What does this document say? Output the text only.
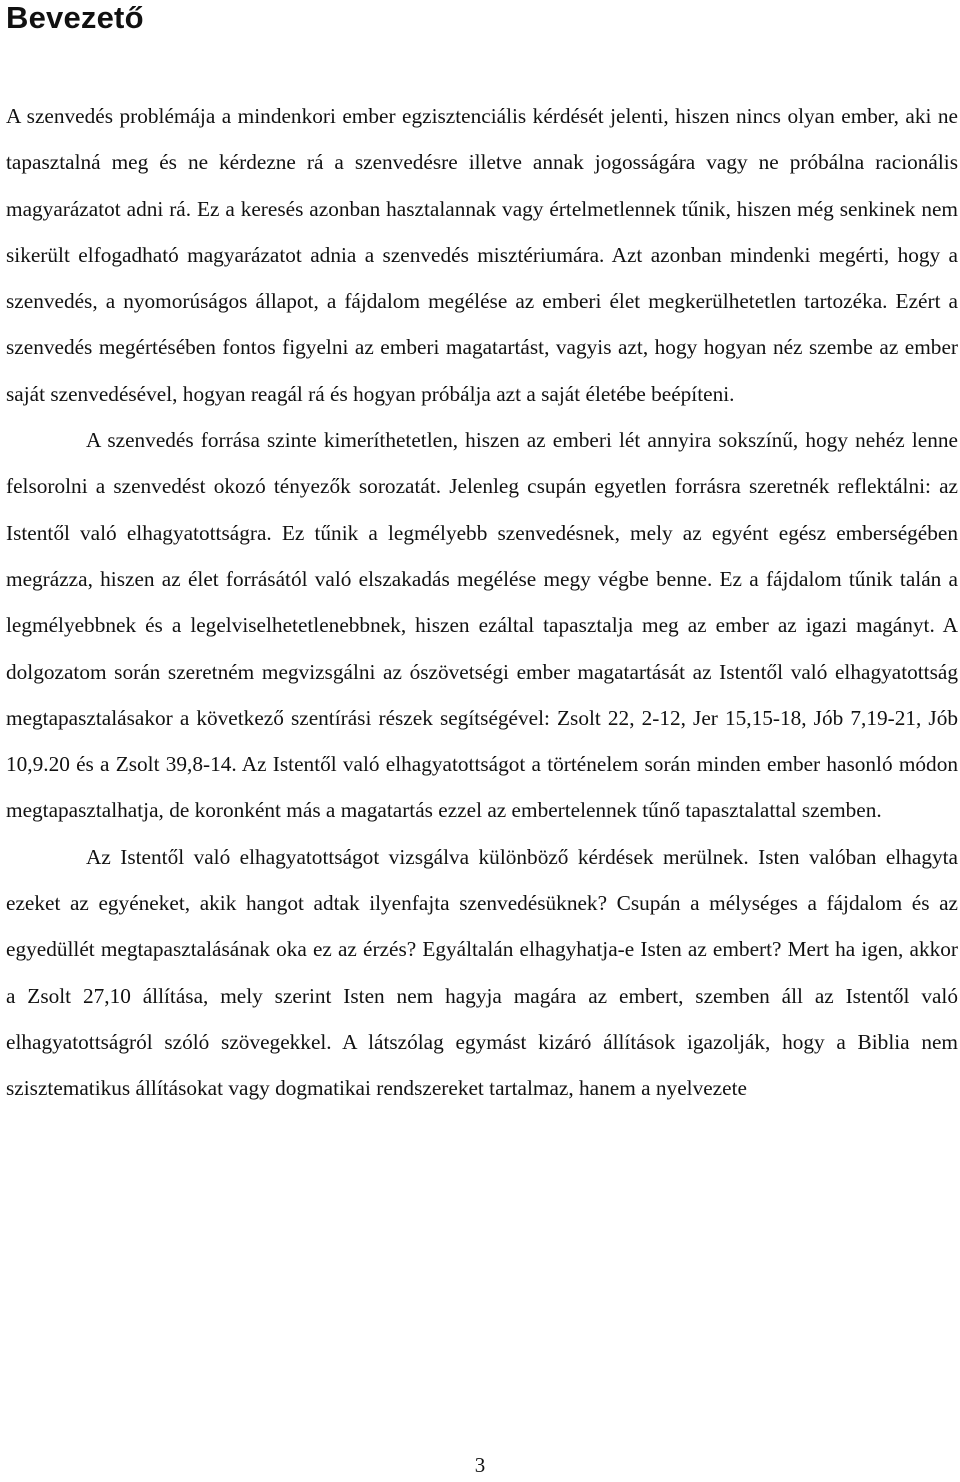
Bevezető

A szenvedés problémája a mindenkori ember egzisztenciális kérdését jelenti, hiszen nincs olyan ember, aki ne tapasztalná meg és ne kérdezne rá a szenvedésre illetve annak jogosságára vagy ne próbálna racionális magyarázatot adni rá. Ez a keresés azonban hasztalannak vagy értelmetlennek tűnik, hiszen még senkinek nem sikerült elfogadható magyarázatot adnia a szenvedés misztériumára. Azt azonban mindenki megérti, hogy a szenvedés, a nyomorúságos állapot, a fájdalom megélése az emberi élet megkerülhetetlen tartozéka. Ezért a szenvedés megértésében fontos figyelni az emberi magatartást, vagyis azt, hogy hogyan néz szembe az ember saját szenvedésével, hogyan reagál rá és hogyan próbálja azt a saját életébe beépíteni.

A szenvedés forrása szinte kimeríthetetlen, hiszen az emberi lét annyira sokszínű, hogy nehéz lenne felsorolni a szenvedést okozó tényezők sorozatát. Jelenleg csupán egyetlen forrásra szeretnék reflektálni: az Istentől való elhagyatottságra. Ez tűnik a legmélyebb szenvedésnek, mely az egyént egész emberségében megrázza, hiszen az élet forrásától való elszakadás megélése megy végbe benne. Ez a fájdalom tűnik talán a legmélyebbnek és a legelviselhetetlenebbnek, hiszen ezáltal tapasztalja meg az ember az igazi magányt. A dolgozatom során szeretném megvizsgálni az ószövetségi ember magatartását az Istentől való elhagyatottság megtapasztalásakor a következő szentírási részek segítségével: Zsolt 22, 2-12, Jer 15,15-18, Jób 7,19-21, Jób 10,9.20 és a Zsolt 39,8-14. Az Istentől való elhagyatottságot a történelem során minden ember hasonló módon megtapasztalhatja, de koronként más a magatartás ezzel az embertelennek tűnő tapasztalattal szemben.

Az Istentől való elhagyatottságot vizsgálva különböző kérdések merülnek. Isten valóban elhagyta ezeket az egyéneket, akik hangot adtak ilyenfajta szenvedésüknek? Csupán a mélységes a fájdalom és az egyedüllét megtapasztalásának oka ez az érzés? Egyáltalán elhagyhatja-e Isten az embert? Mert ha igen, akkor a Zsolt 27,10 állítása, mely szerint Isten nem hagyja magára az embert, szemben áll az Istentől való elhagyatottságról szóló szövegekkel. A látszólag egymást kizáró állítások igazolják, hogy a Biblia nem szisztematikus állításokat vagy dogmatikai rendszereket tartalmaz, hanem a nyelvezete

3
